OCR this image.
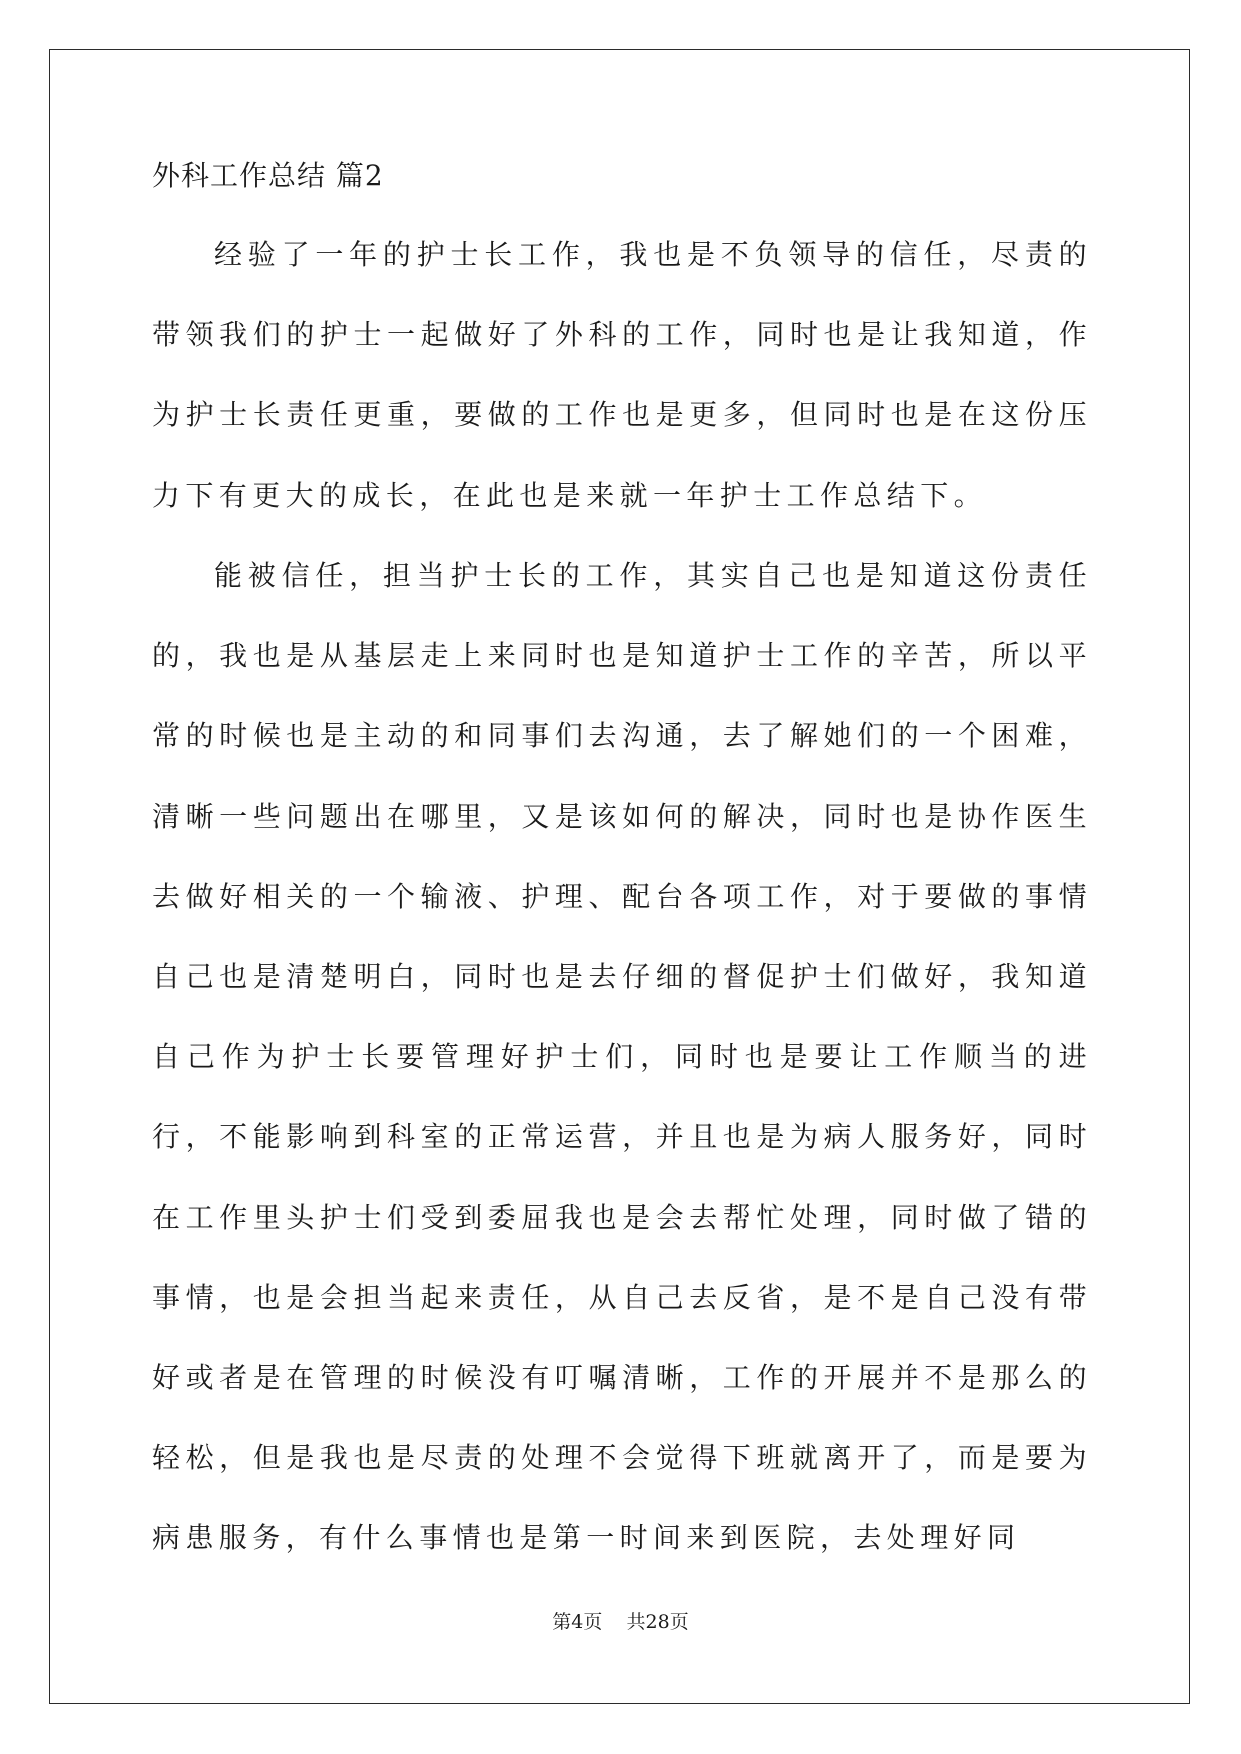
外科工作总结 篇2

经验了一年的护士长工作，我也是不负领导的信任，尽责的带领我们的护士一起做好了外科的工作，同时也是让我知道，作为护士长责任更重，要做的工作也是更多，但同时也是在这份压力下有更大的成长，在此也是来就一年护士工作总结下。

能被信任，担当护士长的工作，其实自己也是知道这份责任的，我也是从基层走上来同时也是知道护士工作的辛苦，所以平常的时候也是主动的和同事们去沟通，去了解她们的一个困难，清晰一些问题出在哪里，又是该如何的解决，同时也是协作医生去做好相关的一个输液、护理、配台各项工作，对于要做的事情自己也是清楚明白，同时也是去仔细的督促护士们做好，我知道自己作为护士长要管理好护士们，同时也是要让工作顺当的进行，不能影响到科室的正常运营，并且也是为病人服务好，同时在工作里头护士们受到委屈我也是会去帮忙处理，同时做了错的事情，也是会担当起来责任，从自己去反省，是不是自己没有带好或者是在管理的时候没有叮嘱清晰，工作的开展并不是那么的轻松，但是我也是尽责的处理不会觉得下班就离开了，而是要为病患服务，有什么事情也是第一时间来到医院，去处理好同

第4页    共28页
